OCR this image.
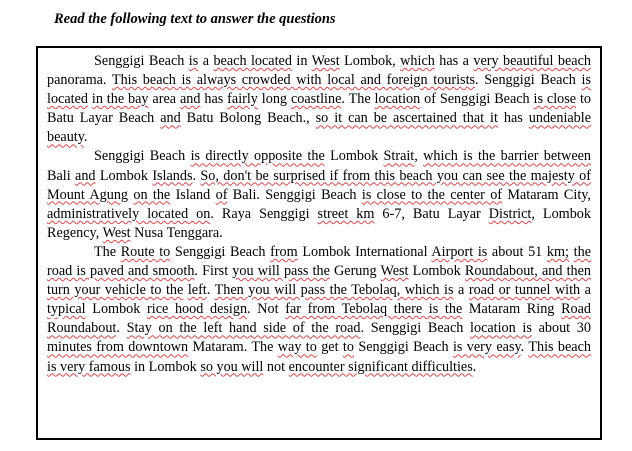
Read the following text to answer the questions

Senggigi Beach is a beach located in West Lombok, which has a very beautiful beach panorama. This beach is always crowded with local and foreign tourists. Senggigi Beach is located in the bay area and has fairly long coastline. The location of Senggigi Beach is close to Batu Layar Beach and Batu Bolong Beach., so it can be ascertained that it has undeniable beauty.

Senggigi Beach is directly opposite the Lombok Strait, which is the barrier between Bali and Lombok Islands. So, don't be surprised if from this beach you can see the majesty of Mount Agung on the Island of Bali. Senggigi Beach is close to the center of Mataram City, administratively located on. Raya Senggigi street km 6-7, Batu Layar District, Lombok Regency, West Nusa Tenggara.

The Route to Senggigi Beach from Lombok International Airport is about 51 km; the road is paved and smooth. First you will pass the Gerung West Lombok Roundabout, and then turn your vehicle to the left. Then you will pass the Tebolaq, which is a road or tunnel with a typical Lombok rice hood design. Not far from Tebolaq there is the Mataram Ring Road Roundabout. Stay on the left hand side of the road. Senggigi Beach location is about 30 minutes from downtown Mataram. The way to get to Senggigi Beach is very easy. This beach is very famous in Lombok so you will not encounter significant difficulties.
